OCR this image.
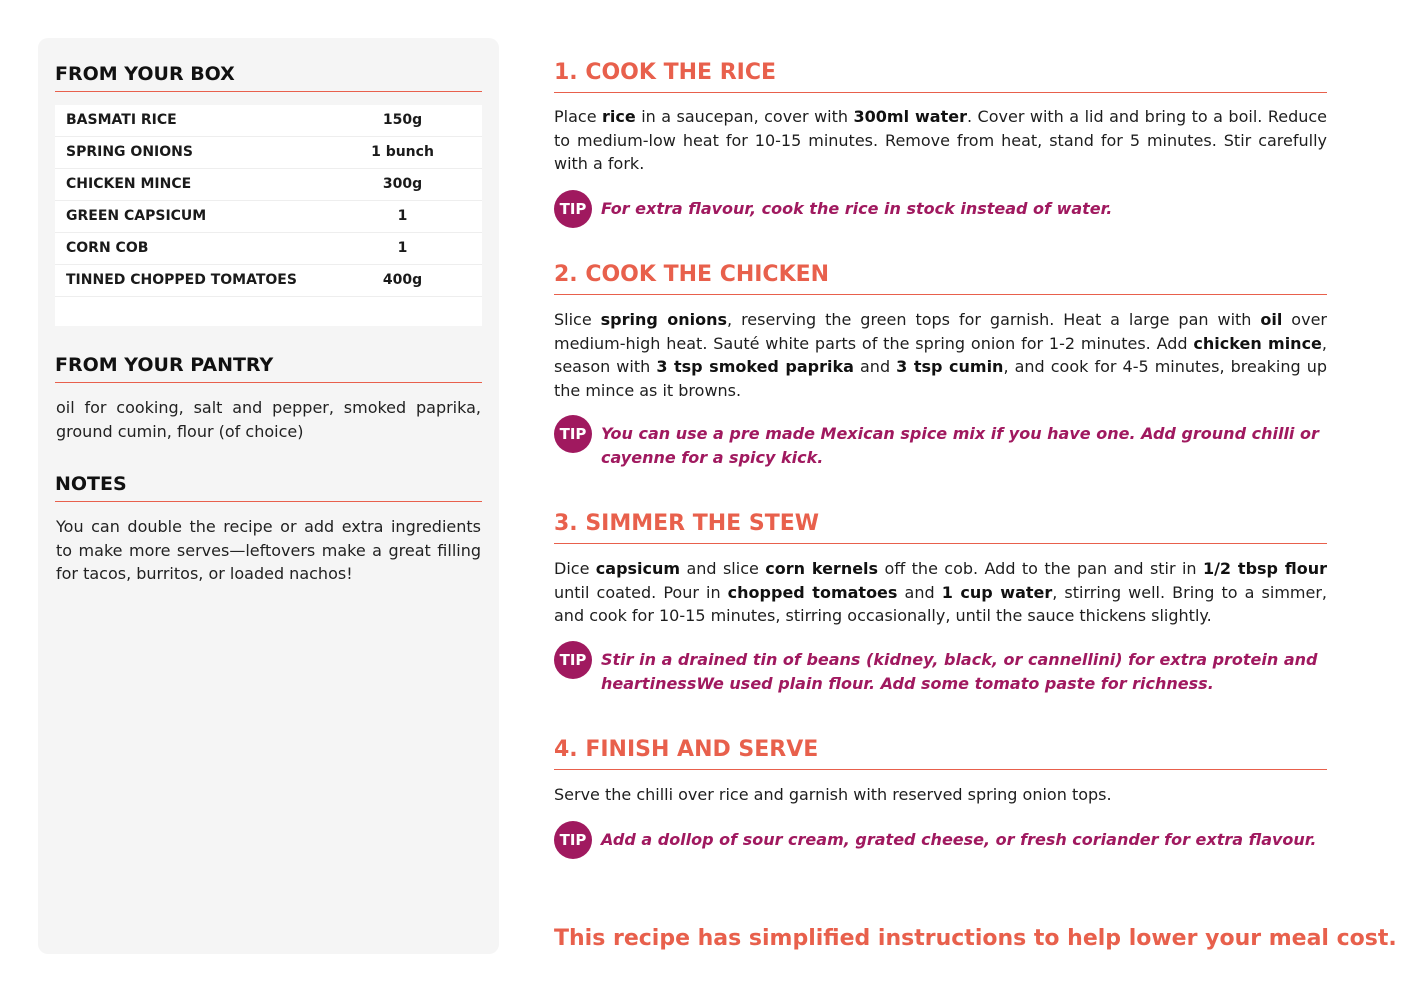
FROM YOUR BOX
BASMATI RICE	150g
SPRING ONIONS	1 bunch
CHICKEN MINCE	300g
GREEN CAPSICUM	1
CORN COB	1
TINNED CHOPPED TOMATOES	400g
FROM YOUR PANTRY

oil for cooking, salt and pepper, smoked paprika, ground cumin, flour (of choice)

NOTES

You can double the recipe or add extra ingredients to make more serves—leftovers make a great filling for tacos, burritos, or loaded nachos!

1. COOK THE RICE

Place rice in a saucepan, cover with 300ml water. Cover with a lid and bring to a boil. Reduce to medium-low heat for 10-15 minutes. Remove from heat, stand for 5 minutes. Stir carefully with a fork.

TIP For extra flavour, cook the rice in stock instead of water.

2. COOK THE CHICKEN

Slice spring onions, reserving the green tops for garnish. Heat a large pan with oil over medium-high heat. Sauté white parts of the spring onion for 1-2 minutes. Add chicken mince, season with 3 tsp smoked paprika and 3 tsp cumin, and cook for 4-5 minutes, breaking up the mince as it browns.

TIP You can use a pre made Mexican spice mix if you have one. Add ground chilli or cayenne for a spicy kick.

3. SIMMER THE STEW

Dice capsicum and slice corn kernels off the cob. Add to the pan and stir in 1/2 tbsp flour until coated. Pour in chopped tomatoes and 1 cup water, stirring well. Bring to a simmer, and cook for 10-15 minutes, stirring occasionally, until the sauce thickens slightly.

TIP Stir in a drained tin of beans (kidney, black, or cannellini) for extra protein and heartinessWe used plain flour. Add some tomato paste for richness.

4. FINISH AND SERVE

Serve the chilli over rice and garnish with reserved spring onion tops.

TIP Add a dollop of sour cream, grated cheese, or fresh coriander for extra flavour.

This recipe has simplified instructions to help lower your meal cost.
